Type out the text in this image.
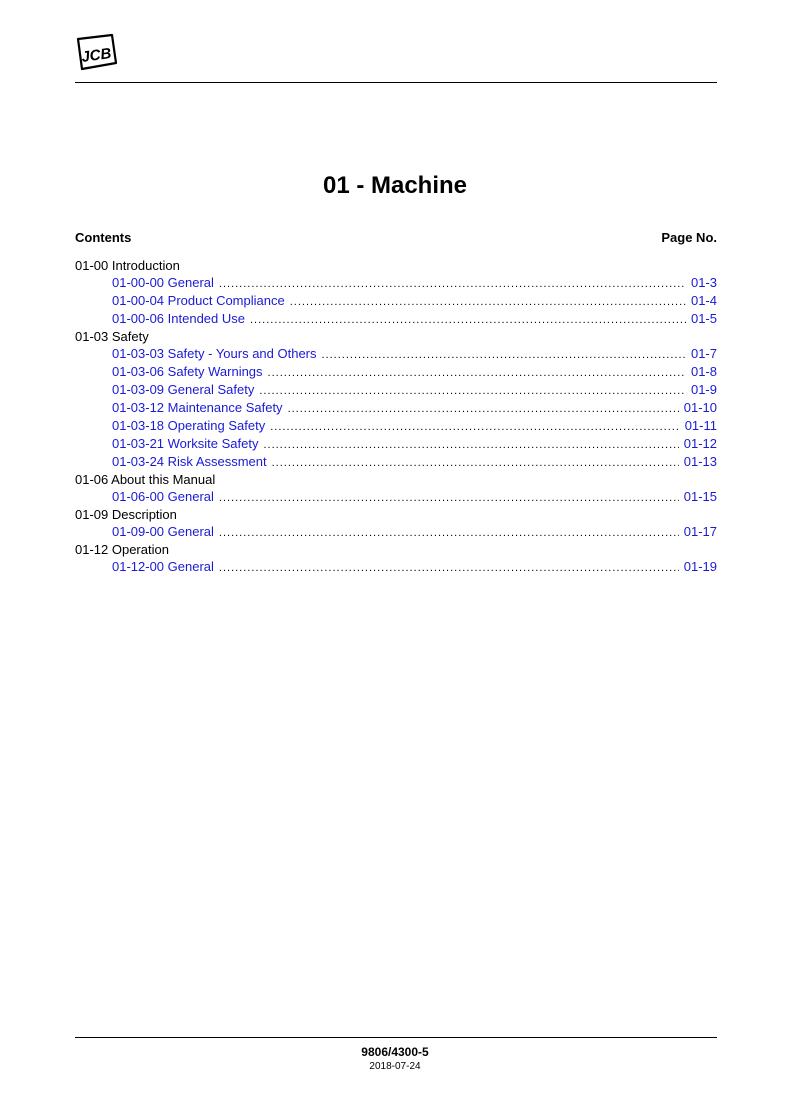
JCB
01 - Machine
Contents	Page No.
01-00 Introduction
01-00-00 General .....	01-3
01-00-04 Product Compliance .....	01-4
01-00-06 Intended Use .....	01-5
01-03 Safety
01-03-03 Safety - Yours and Others .....	01-7
01-03-06 Safety Warnings .....	01-8
01-03-09 General Safety .....	01-9
01-03-12 Maintenance Safety .....	01-10
01-03-18 Operating Safety .....	01-11
01-03-21 Worksite Safety .....	01-12
01-03-24 Risk Assessment .....	01-13
01-06 About this Manual
01-06-00 General .....	01-15
01-09 Description
01-09-00 General .....	01-17
01-12 Operation
01-12-00 General .....	01-19
9806/4300-5
2018-07-24
